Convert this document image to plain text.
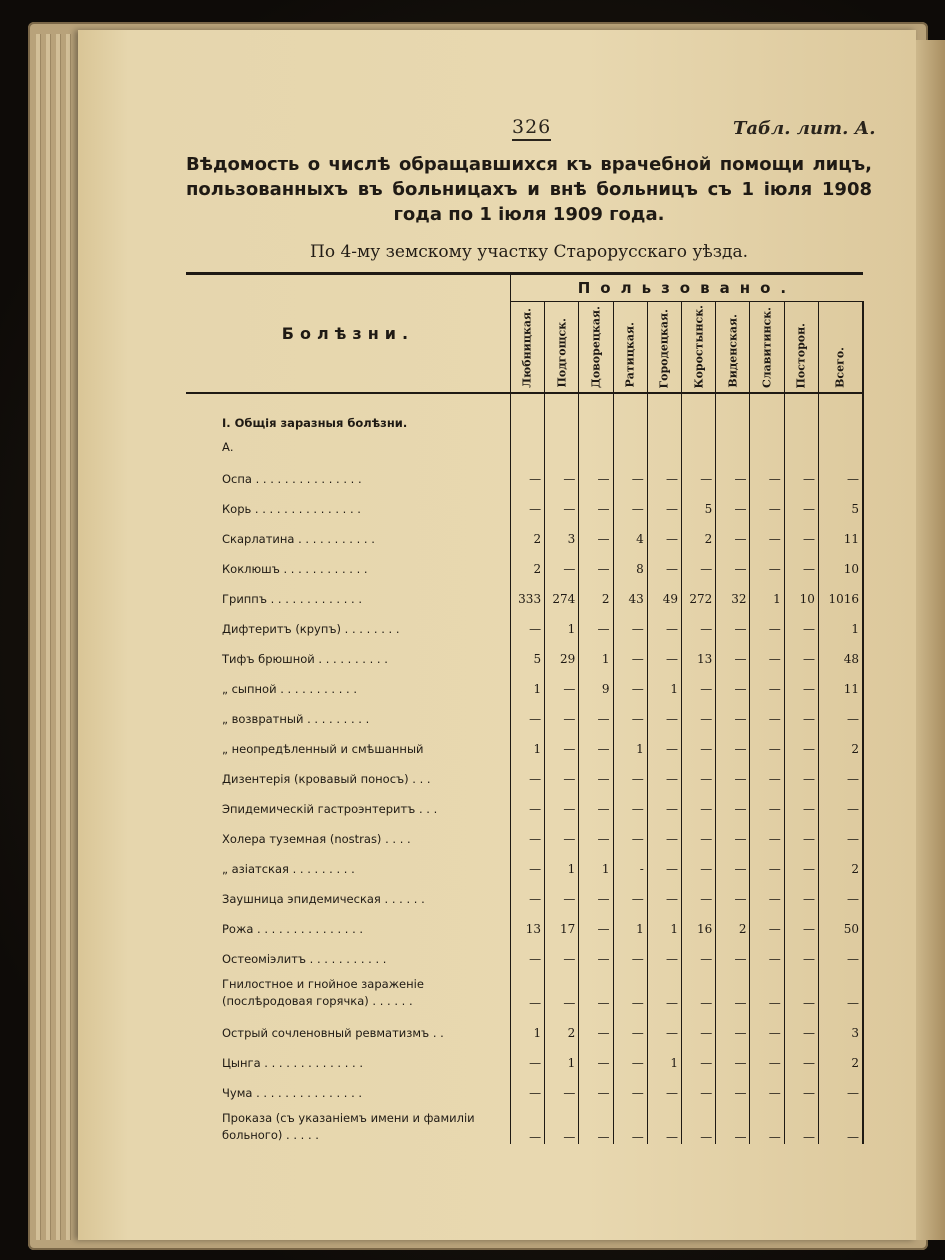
326	Табл. лит. А.
Вѣдомость о числѣ обращавшихся къ врачебной помощи лицъ, пользованныхъ въ больницахъ и внѣ больницъ съ 1 іюля 1908 года по 1 іюля 1909 года.
По 4-му земскому участку Старорусскаго уѣзда.
Болѣзни.	Пользовано.									

	Любницкая.	Подгощск.	Доворецкая.	Ратицкая.	Городецкая.	Коростынск.	Виденская.	Славитинск.	Посторон.	Всего.

I. Общія заразныя болѣзни.										
А.										
Оспа . . . . . . . . . . . . . . .	—	—	—	—	—	—	—	—	—	—
Корь . . . . . . . . . . . . . . .	—	—	—	—	—	5	—	—	—	5
Скарлатина . . . . . . . . . . .	2	3	—	4	—	2	—	—	—	11
Коклюшъ . . . . . . . . . . . .	2	—	—	8	—	—	—	—	—	10
Гриппъ . . . . . . . . . . . . .	333	274	2	43	49	272	32	1	10	1016
Дифтеритъ (крупъ) . . . . . . . .	—	1	—	—	—	—	—	—	—	1
Тифъ брюшной . . . . . . . . . .	5	29	1	—	—	13	—	—	—	48
„ сыпной . . . . . . . . . . .	1	—	9	—	1	—	—	—	—	11
„ возвратный . . . . . . . . .	—	—	—	—	—	—	—	—	—	—
„ неопредѣленный и смѣшанный	1	—	—	1	—	—	—	—	—	2
Дизентерія (кровавый поносъ) . . .	—	—	—	—	—	—	—	—	—	—
Эпидемическій гастроэнтеритъ . . .	—	—	—	—	—	—	—	—	—	—
Холера туземная (nostras) . . . .	—	—	—	—	—	—	—	—	—	—
„ азіатская . . . . . . . . .	—	1	1	-	—	—	—	—	—	2
Заушница эпидемическая . . . . . .	—	—	—	—	—	—	—	—	—	—
Рожа . . . . . . . . . . . . . . .	13	17	—	1	1	16	2	—	—	50
Остеоміэлитъ . . . . . . . . . . .	—	—	—	—	—	—	—	—	—	—
Гнилостное и гнойное зараженіе (послѣродовая горячка) . . . . . .	—	—	—	—	—	—	—	—	—	—
Острый сочленовный ревматизмъ . .	1	2	—	—	—	—	—	—	—	3
Цынга . . . . . . . . . . . . . .	—	1	—	—	1	—	—	—	—	2
Чума . . . . . . . . . . . . . . .	—	—	—	—	—	—	—	—	—	—
Проказа (съ указаніемъ имени и фамиліи больного) . . . . .	—	—	—	—	—	—	—	—	—	—
